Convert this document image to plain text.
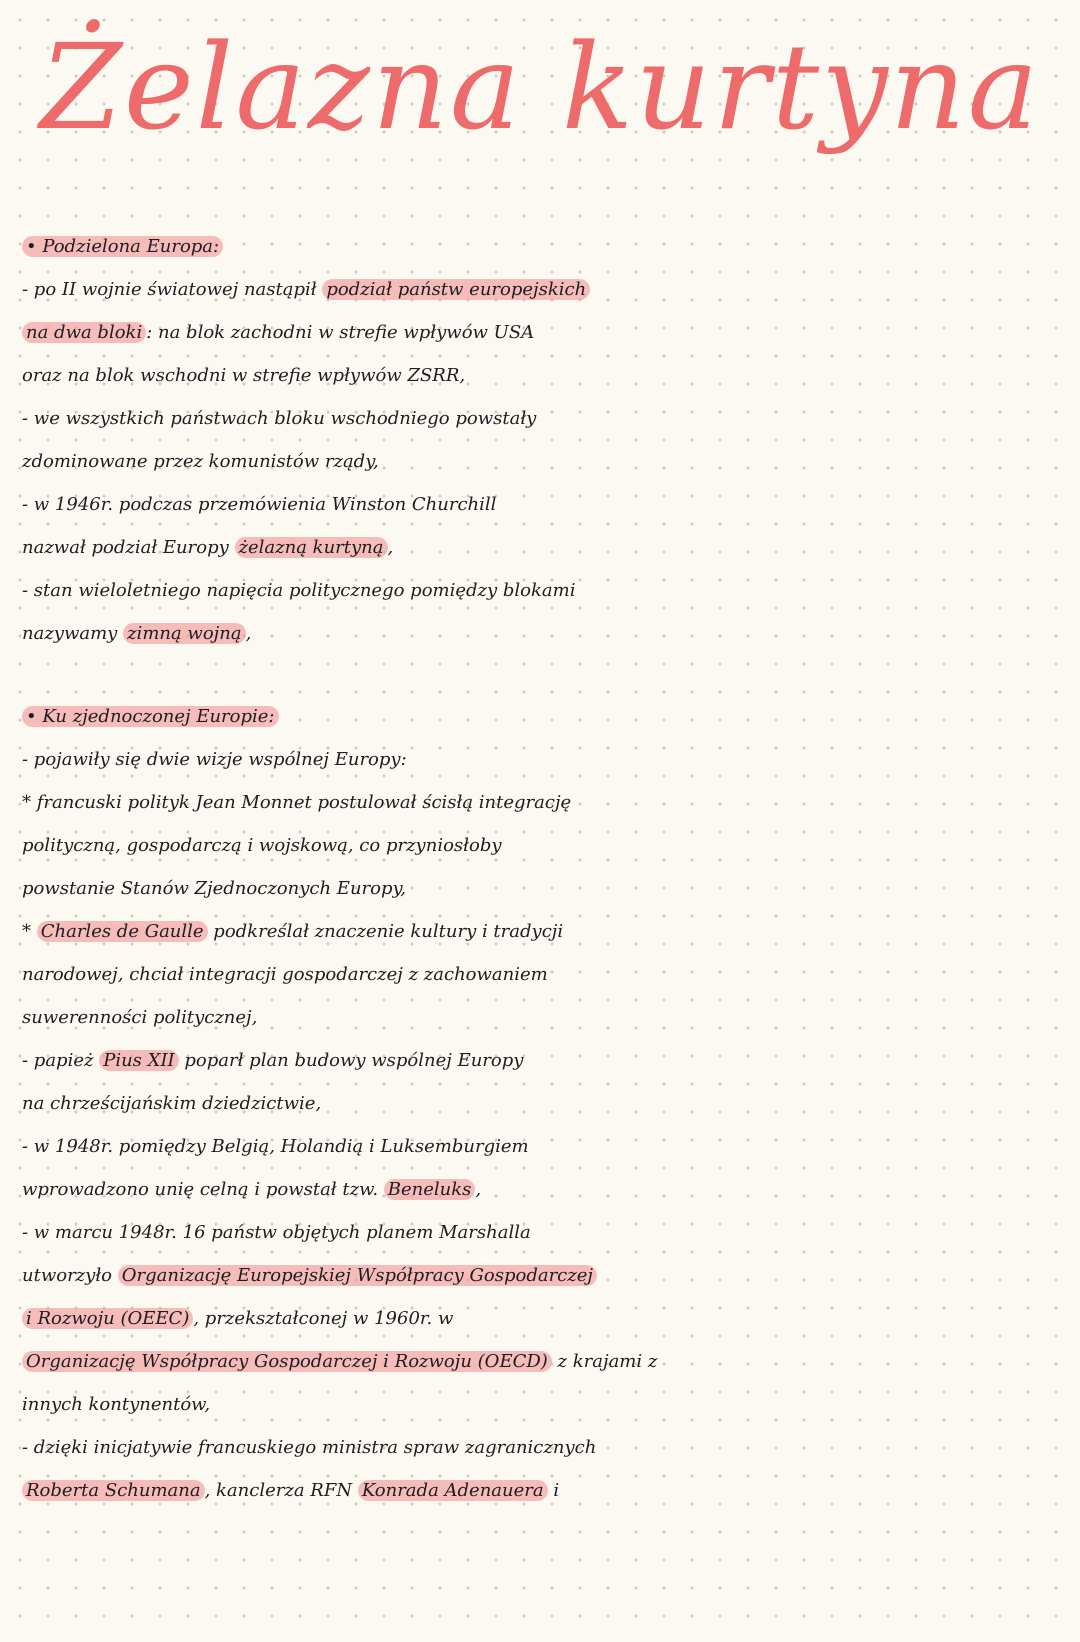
Żelazna kurtyna
• Podzielona Europa:
- po II wojnie światowej nastąpił podział państw europejskich
na dwa bloki : na blok zachodni w strefie wpływów USA
oraz na blok wschodni w strefie wpływów ZSRR,
- we wszystkich państwach bloku wschodniego powstały
zdominowane przez komunistów rządy,
- w 1946r. podczas przemówienia Winston Churchill
nazwał podział Europy żelazną kurtyną ,
- stan wieloletniego napięcia politycznego pomiędzy blokami
nazywamy zimną wojną ,
• Ku zjednoczonej Europie:
- pojawiły się dwie wizje wspólnej Europy:
* francuski polityk Jean Monnet postulował ścisłą integrację
polityczną, gospodarczą i wojskową, co przyniosłoby
powstanie Stanów Zjednoczonych Europy,
* Charles de Gaulle podkreślał znaczenie kultury i tradycji
narodowej, chciał integracji gospodarczej z zachowaniem
suwerenności politycznej,
- papież Pius XII poparł plan budowy wspólnej Europy
na chrześcijańskim dziedzictwie,
- w 1948r. pomiędzy Belgią, Holandią i Luksemburgiem
wprowadzono unię celną i powstał tzw. Beneluks ,
- w marcu 1948r. 16 państw objętych planem Marshalla
utworzyło Organizację Europejskiej Współpracy Gospodarczej
i Rozwoju (OEEC) , przekształconej w 1960r. w
Organizację Współpracy Gospodarczej i Rozwoju (OECD) z krajami z
innych kontynentów,
- dzięki inicjatywie francuskiego ministra spraw zagranicznych
Roberta Schumana , kanclerza RFN Konrada Adenauera i
